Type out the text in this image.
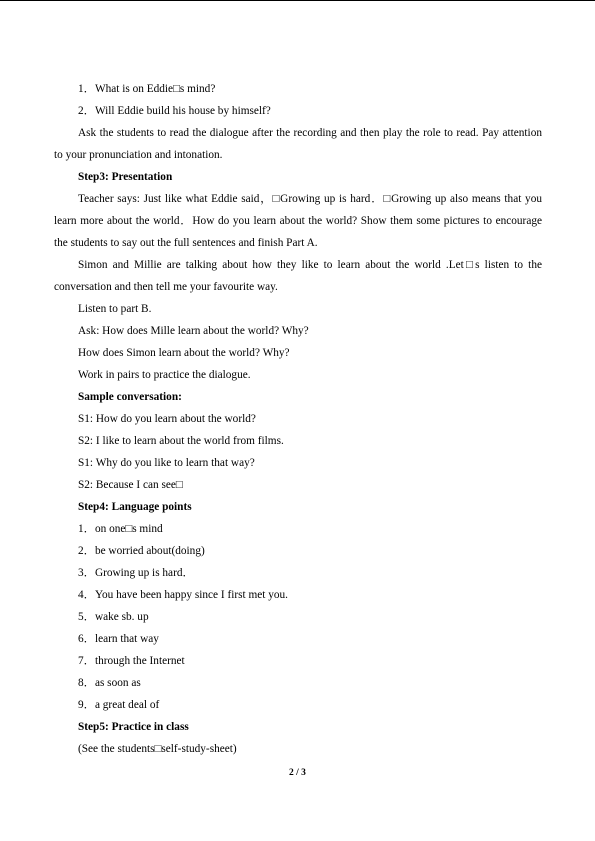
1．What is on Eddie□s mind?

2．Will Eddie build his house by himself?

Ask the students to read the dialogue after the recording and then play the role to read. Pay attention to your pronunciation and intonation.

Step3: Presentation

Teacher says: Just like what Eddie said，□Growing up is hard．□Growing up also means that you learn more about the world．How do you learn about the world? Show them some pictures to encourage the students to say out the full sentences and finish Part A.

Simon and Millie are talking about how they like to learn about the world .Let□s listen to the conversation and then tell me your favourite way.

Listen to part B.

Ask: How does Mille learn about the world? Why?

How does Simon learn about the world? Why?

Work in pairs to practice the dialogue.

Sample conversation:

S1: How do you learn about the world?

S2: I like to learn about the world from films.

S1: Why do you like to learn that way?

S2: Because I can see□

Step4: Language points

1．on one□s mind

2．be worried about(doing)

3．Growing up is hard．

4．You have been happy since I first met you.

5．wake sb. up

6．learn that way

7．through the Internet

8．as soon as

9．a great deal of

Step5: Practice in class

(See the students□self-study-sheet)

2 / 3
